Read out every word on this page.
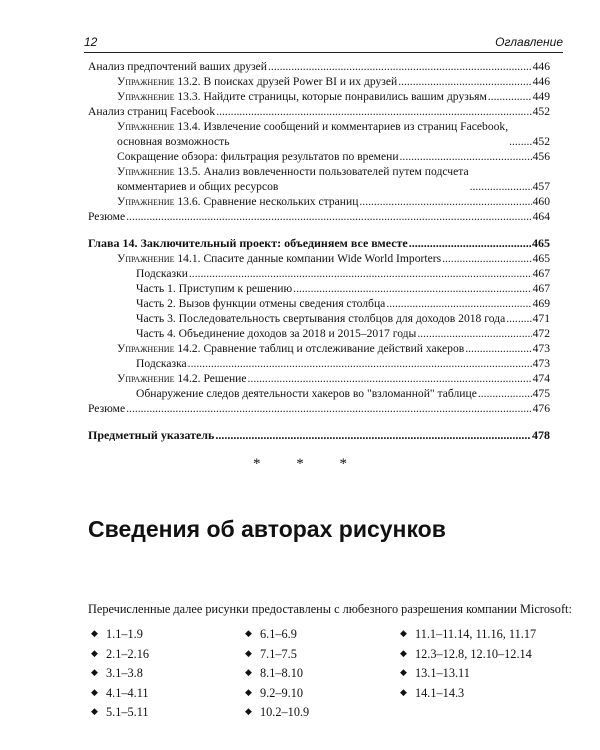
12	Оглавление
Анализ предпочтений ваших друзей .....	446
Упражнение 13.2. В поисках друзей Power BI и их друзей .....	446
Упражнение 13.3. Найдите страницы, которые понравились вашим друзьям .....	449
Анализ страниц Facebook .....	452
Упражнение 13.4. Извлечение сообщений и комментариев из страниц Facebook,
основная возможность .....	452
Сокращение обзора: фильтрация результатов по времени .....	456
Упражнение 13.5. Анализ вовлеченности пользователей путем подсчета
комментариев и общих ресурсов .....	457
Упражнение 13.6. Сравнение нескольких страниц .....	460
Резюме .....	464
Глава 14. Заключительный проект: объединяем все вместе .....	465
Упражнение 14.1. Спасите данные компании Wide World Importers .....	465
Подсказки .....	467
Часть 1. Приступим к решению .....	467
Часть 2. Вызов функции отмены сведения столбца .....	469
Часть 3. Последовательность свертывания столбцов для доходов 2018 года ..... 471
Часть 4. Объединение доходов за 2018 и 2015–2017 годы .....	472
Упражнение 14.2. Сравнение таблиц и отслеживание действий хакеров .....	473
Подсказка .....	473
Упражнение 14.2. Решение .....	474
Обнаружение следов деятельности хакеров во "взломанной" таблице .....	475
Резюме .....	476
Предметный указатель .....	478
* * *
Сведения об авторах рисунков
Перечисленные далее рисунки предоставлены с любезного разрешения компании Microsoft:
◆ 1.1–1.9
◆ 2.1–2.16
◆ 3.1–3.8
◆ 4.1–4.11
◆ 5.1–5.11
◆ 6.1–6.9
◆ 7.1–7.5
◆ 8.1–8.10
◆ 9.2–9.10
◆ 10.2–10.9
◆ 11.1–11.14, 11.16, 11.17
◆ 12.3–12.8, 12.10–12.14
◆ 13.1–13.11
◆ 14.1–14.3
